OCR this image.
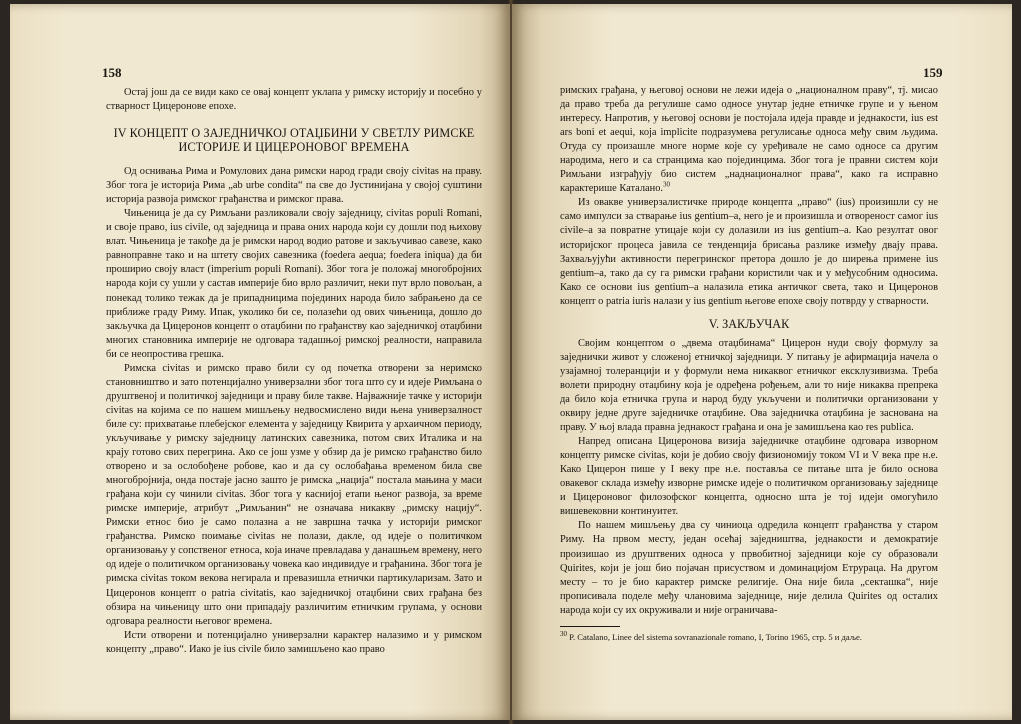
158

Остај још да се види како се овај концепт уклапа у римску историју и посебно у стварност Цицеронове епохе.

IV КОНЦЕПТ О ЗАЈЕДНИЧКОЈ ОТАЏБИНИ У СВЕТЛУ РИМСКЕ ИСТОРИЈЕ И ЦИЦЕРОНОВОГ ВРЕМЕНА

Од оснивања Рима и Ромулових дана римски народ гради своју civitas на праву. Због тога је историја Рима „ab urbe condita“ па све до Јустинијана у својој суштини историја развоја римског грађанства и римског права.

Чињеница је да су Римљани разликовали своју заједницу, civitas populi Romani, и своје право, ius civile, од заједница и права оних народа који су дошли под њихову влат. Чињеница је такође да је римски народ водио ратове и закључивао савезе, како равноправне тако и на штету својих савезника (foedera aequa; foedera iniqua) да би проширио своју власт (imperium populi Romani). Због тога је положај многобројних народа који су ушли у састав империје био врло различит, неки пут врло повољан, а понекад толико тежак да је припадницима појединих народа било забрањено да се приближе граду Риму. Ипак, уколико би се, полазећи од ових чињеница, дошло до закључка да Цицеронов концепт о отаџбини по грађанству као заједничкој отаџбини многих становника империје не одговара тадашњој римској реалности, направила би се неопростива грешка.

Римска civitas и римско право били су од почетка отворени за неримско становништво и зато потенцијално универзални због тога што су и идеје Римљана о друштвеној и политичкој заједници и праву биле такве. Најважније тачке у историји civitas на којима се по нашем мишљењу недвосмислено види њена универзалност биле су: прихватање плебејског елемента у заједницу Квирита у архаичном периоду, укључивање у римску заједницу латинских савезника, потом свих Италика и на крају готово свих перегрина. Ако се још узме у обзир да је римско грађанство било отворено и за ослобођене робове, као и да су ослобађања временом била све многобројнија, онда постаје јасно зашто је римска „нација“ постала мањина у маси грађана који су чинили civitas. Због тога у каснијој етапи њеног развоја, за време римске империје, атрибут „Римљанин“ не означава никакву „римску нацију“. Римски етнос био је само полазна а не завршна тачка у историји римског грађанства. Римско поимање civitas не полази, дакле, од идеје о политичком организовању у сопственог етноса, која иначе превладава у данашњем времену, него од идеје о политичком организовању човека као индивидуе и грађанина. Због тога је римска civitas током векова негирала и превазишла етнички партикуларизам. Зато и Цицеронов концепт о patria civitatis, као заједничкој отаџбини свих грађана без обзира на чињеницу што они припадају различитим етничким групама, у основи одговара реалности његовог времена.

Исти отворени и потенцијално универзални карактер налазимо и у римском концепту „право“. Иако је ius civile било замишљено као право

159

римских грађана, у његовој основи не лежи идеја о „националном праву“, тј. мисао да право треба да регулише само односе унутар једне етничке групе и у њеном интересу. Напротив, у његовој основи је постојала идеја правде и једнакости, ius est ars boni et aequi, која implicite подразумева регулисање односа међу свим људима. Отуда су произашле многе норме које су уређивале не само односе са другим народима, него и са странцима као појединцима. Због тога је правни систем који Римљани изграђују био систем „наднационалног права“, како га исправно карактерише Каталано.$^{30}$

Из овакве универзалистичке природе концепта „право“ (ius) произишли су не само импулси за стварање ius gentium–a, него је и произишла и отвореност самог ius civile–a за повратне утицаје који су долазили из ius gentium–a. Као резултат овог историјског процеса јавила се тенденција брисања разлике између двају права. Захваљујући активности перегринског претора дошло је до ширења примене ius gentium–a, тако да су га римски грађани користили чак и у међусобним односима. Како се основи ius gentium–a налазила етика античког света, тако и Цицеронов концепт о patria iuris налази у ius gentium његове епохе своју потврду у стварности.

V. ЗАКЉУЧАК

Својим концептом о „двема отаџбинама“ Цицерон нуди своју формулу за заједнички живот у сложеној етничкој заједници. У питању је афирмација начела о узајамној толеранцији и у формули нема никаквог етничког ексклузивизма. Треба волети природну отаџбину која је одређена рођењем, али то није никаква препрека да било која етничка група и народ буду укључени и политички организовани у оквиру једне друге заједничке отаџбине. Ова заједничка отаџбина је заснована на праву. У њој влада правна једнакост грађана и она је замишљена као res publica.

Напред описана Цицеронова визија заједничке отаџбине одговара изворном концепту римске civitas, који је добио своју физиономију током VI и V века пре н.е. Како Цицерон пише у I веку пре н.е. постављa се питање шта је било основа овакевог склада између изворне римске идеје о политичком организовању заједнице и Цицероновог филозофског концепта, односно шта је тој идеји омогућило вишевековни континуитет.

По нашем мишљењу два су чиниоца одредила концепт грађанства у старом Риму. На првом месту, један осећај заједништва, једнакости и демократије произишао из друштвених односа у првобитној заједници које су образовали Quirites, који је још био појачан присуством и доминацијом Етрураца. На другом месту – то је био карактер римске религије. Она није била „секташка“, није прописивала поделе међу члановима заједнице, није делила Quirites од осталих народа који су их окруживали и није ограничава-

$^{30}$ P. Catalano, Linee del sistema sovranazionale romano, I, Torino 1965, стр. 5 и даље.
